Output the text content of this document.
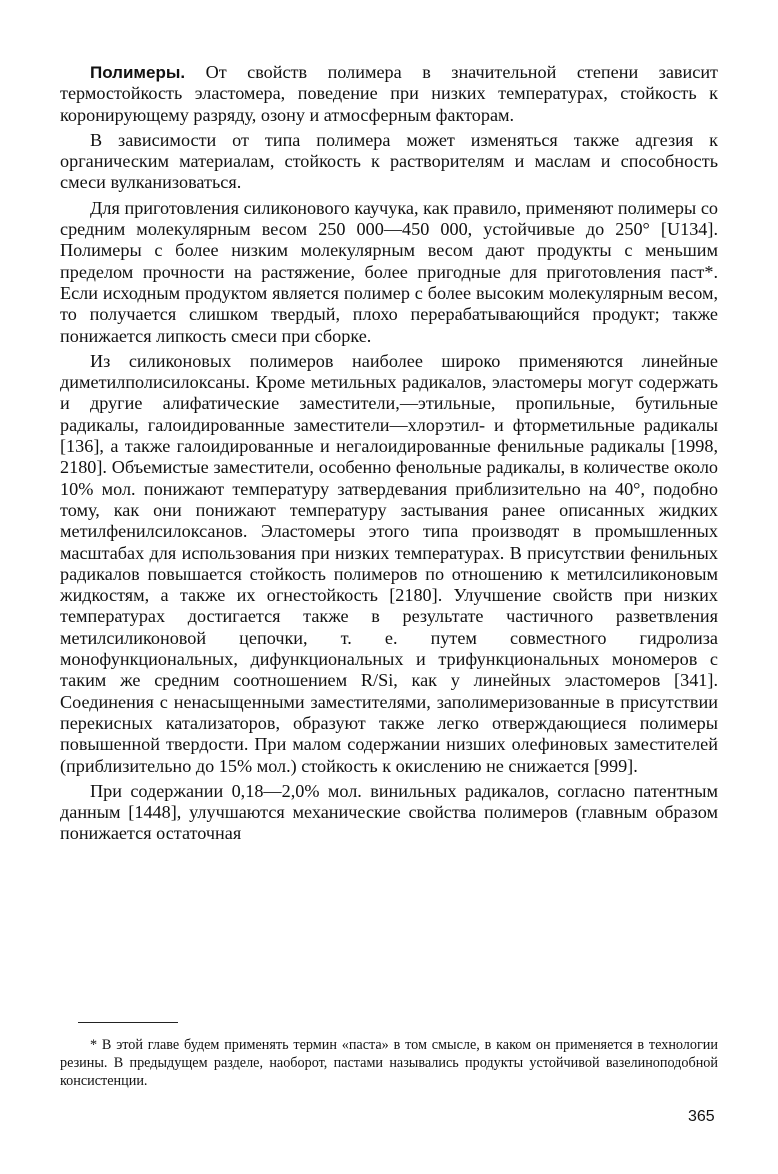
Полимеры. От свойств полимера в значительной степени зависит термостойкость эластомера, поведение при низких температурах, стойкость к коронирующему разряду, озону и атмосферным факторам.

В зависимости от типа полимера может изменяться также адгезия к органическим материалам, стойкость к растворителям и маслам и способность смеси вулканизоваться.

Для приготовления силиконового каучука, как правило, применяют полимеры со средним молекулярным весом 250 000—450 000, устойчивые до 250° [U134]. Полимеры с более низким молекулярным весом дают продукты с меньшим пределом прочности на растяжение, более пригодные для приготовления паст*. Если исходным продуктом является полимер с более высоким молекулярным весом, то получается слишком твердый, плохо перерабатывающийся продукт; также понижается липкость смеси при сборке.

Из силиконовых полимеров наиболее широко применяются линейные диметилполисилоксаны. Кроме метильных радикалов, эластомеры могут содержать и другие алифатические заместители,—этильные, пропильные, бутильные радикалы, галоидированные заместители—хлорэтил- и фторметильные радикалы [136], а также галоидированные и негалоидированные фенильные радикалы [1998, 2180]. Объемистые заместители, особенно фенольные радикалы, в количестве около 10% мол. понижают температуру затвердевания приблизительно на 40°, подобно тому, как они понижают температуру застывания ранее описанных жидких метилфенилсилоксанов. Эластомеры этого типа производят в промышленных масштабах для использования при низких температурах. В присутствии фенильных радикалов повышается стойкость полимеров по отношению к метилсиликоновым жидкостям, а также их огнестойкость [2180]. Улучшение свойств при низких температурах достигается также в результате частичного разветвления метилсиликоновой цепочки, т. е. путем совместного гидролиза монофункциональных, дифункциональных и трифункциональных мономеров с таким же средним соотношением R/Si, как у линейных эластомеров [341]. Соединения с ненасыщенными заместителями, заполимеризованные в присутствии перекисных катализаторов, образуют также легко отверждающиеся полимеры повышенной твердости. При малом содержании низших олефиновых заместителей (приблизительно до 15% мол.) стойкость к окислению не снижается [999].

При содержании 0,18—2,0% мол. винильных радикалов, согласно патентным данным [1448], улучшаются механические свойства полимеров (главным образом понижается остаточная

* В этой главе будем применять термин «паста» в том смысле, в каком он применяется в технологии резины. В предыдущем разделе, наоборот, пастами назывались продукты устойчивой вазелиноподобной консистенции.

365
